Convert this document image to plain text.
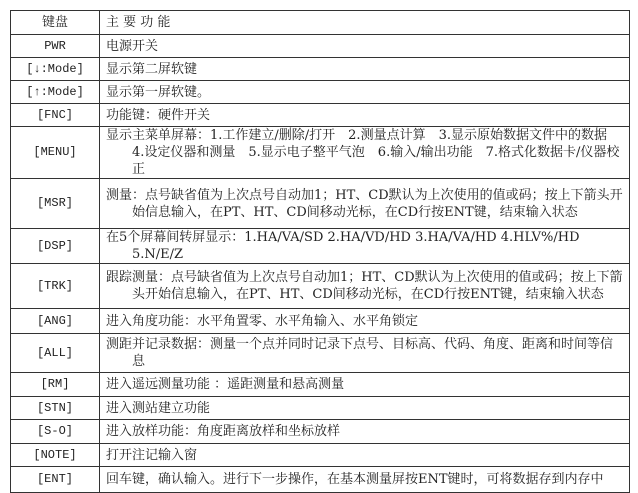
键盘	主 要 功 能
PWR	电源开关

[↓:Mode]	显示第二屏软键

[↑:Mode]	显示第一屏软键。

[FNC]	功能键：硬件开关

[MENU]	显示主菜单屏幕：1.工作建立/删除/打开　2.测量点计算　3.显示原始数据文件中的数据　4.设定仪器和测量　5.显示电子整平气泡　6.输入/输出功能　7.格式化数据卡/仪器校正

[MSR]	测量：点号缺省值为上次点号自动加1；HT、CD默认为上次使用的值或码；按上下箭头开始信息输入，在PT、HT、CD间移动光标，在CD行按ENT键，结束输入状态

[DSP]	在5个屏幕间转屏显示：1.HA/VA/SD 2.HA/VD/HD 3.HA/VA/HD 4.HLV%/HD 5.N/E/Z

[TRK]	跟踪测量：点号缺省值为上次点号自动加1；HT、CD默认为上次使用的值或码；按上下箭头开始信息输入，在PT、HT、CD间移动光标，在CD行按ENT键，结束输入状态

[ANG]	进入角度功能：水平角置零、水平角输入、水平角锁定

[ALL]	测距并记录数据：测量一个点并同时记录下点号、目标高、代码、角度、距离和时间等信息

[RM]	进入遥远测量功能 ：遥距测量和悬高测量

[STN]	进入测站建立功能

[S-O]	进入放样功能：角度距离放样和坐标放样

[NOTE]	打开注记输入窗

[ENT]	回车键，确认输入。进行下一步操作，在基本测量屏按ENT键时，可将数据存到内存中
